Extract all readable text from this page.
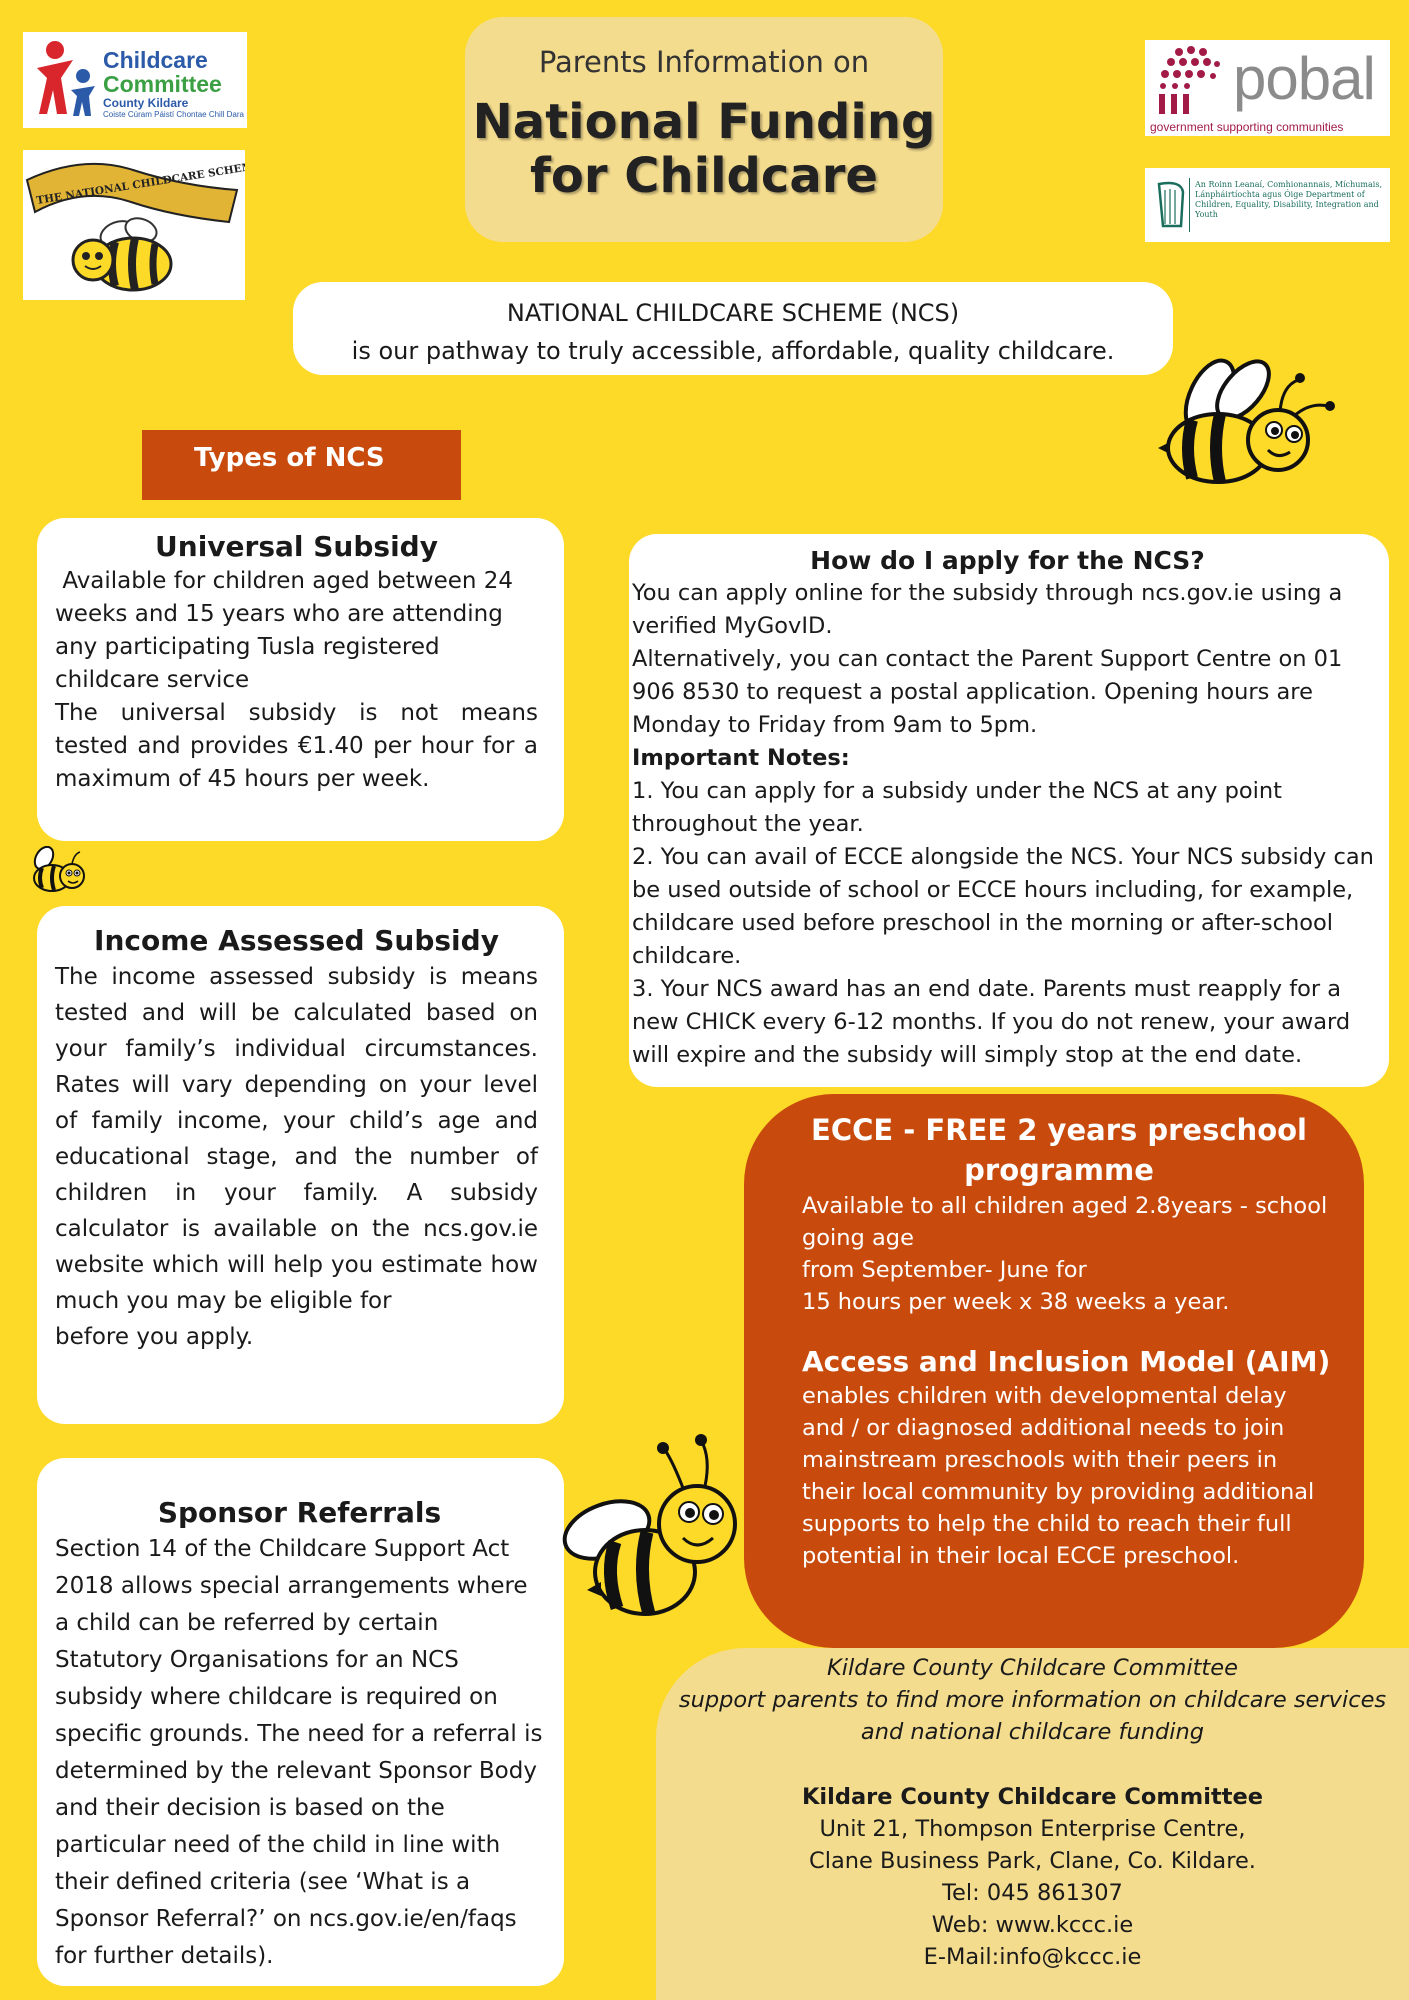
Childcare
Committee
County Kildare
Coiste Cúram Páistí Chontae Chill Dara
THE NATIONAL CHILDCARE SCHEME
pobal
government supporting communities
An Roinn Leanaí, Comhionannais, Míchumais, Lánpháirtíochta agus Óige Department of Children, Equality, Disability, Integration and Youth
Parents Information on
National Funding
for Childcare
NATIONAL CHILDCARE SCHEME (NCS)
is our pathway to truly accessible, affordable, quality childcare.
Types of NCS
Universal Subsidy

Available for children aged between 24 weeks and 15 years who are attending any participating Tusla registered childcare service

The universal subsidy is not means tested and provides €1.40 per hour for a maximum of 45 hours per week.

Income Assessed Subsidy

The income assessed subsidy is means tested and will be calculated based on your family’s individual circumstances. Rates will vary depending on your level of family income, your child’s age and educational stage, and the number of children in your family. A subsidy calculator is available on the ncs.gov.ie website which will help you estimate how much you may be eligible for

before you apply.

Sponsor Referrals

Section 14 of the Childcare Support Act 2018 allows special arrangements where a child can be referred by certain Statutory Organisations for an NCS subsidy where childcare is required on specific grounds. The need for a referral is determined by the relevant Sponsor Body and their decision is based on the particular need of the child in line with their defined criteria (see ‘What is a Sponsor Referral?’ on ncs.gov.ie/en/faqs for further details).

How do I apply for the NCS?

You can apply online for the subsidy through ncs.gov.ie using a verified MyGovID.

Alternatively, you can contact the Parent Support Centre on 01 906 8530 to request a postal application. Opening hours are Monday to Friday from 9am to 5pm.

Important Notes:

1. You can apply for a subsidy under the NCS at any point throughout the year.

2. You can avail of ECCE alongside the NCS. Your NCS subsidy can be used outside of school or ECCE hours including, for example, childcare used before preschool in the morning or after-school childcare.

3. Your NCS award has an end date. Parents must reapply for a new CHICK every 6-12 months. If you do not renew, your award will expire and the subsidy will simply stop at the end date.

ECCE - FREE 2 years preschool programme

Available to all children aged 2.8years - school going age

from September- June for

15 hours per week x 38 weeks a year.

Access and Inclusion Model (AIM)

enables children with developmental delay and / or diagnosed additional needs to join mainstream preschools with their peers in their local community by providing additional supports to help the child to reach their full potential in their local ECCE preschool.

Kildare County Childcare Committee

support parents to find more information on childcare services

and national childcare funding

Kildare County Childcare Committee

Unit 21, Thompson Enterprise Centre,

Clane Business Park, Clane, Co. Kildare.

Tel: 045 861307

Web: www.kccc.ie

E-Mail:info@kccc.ie
